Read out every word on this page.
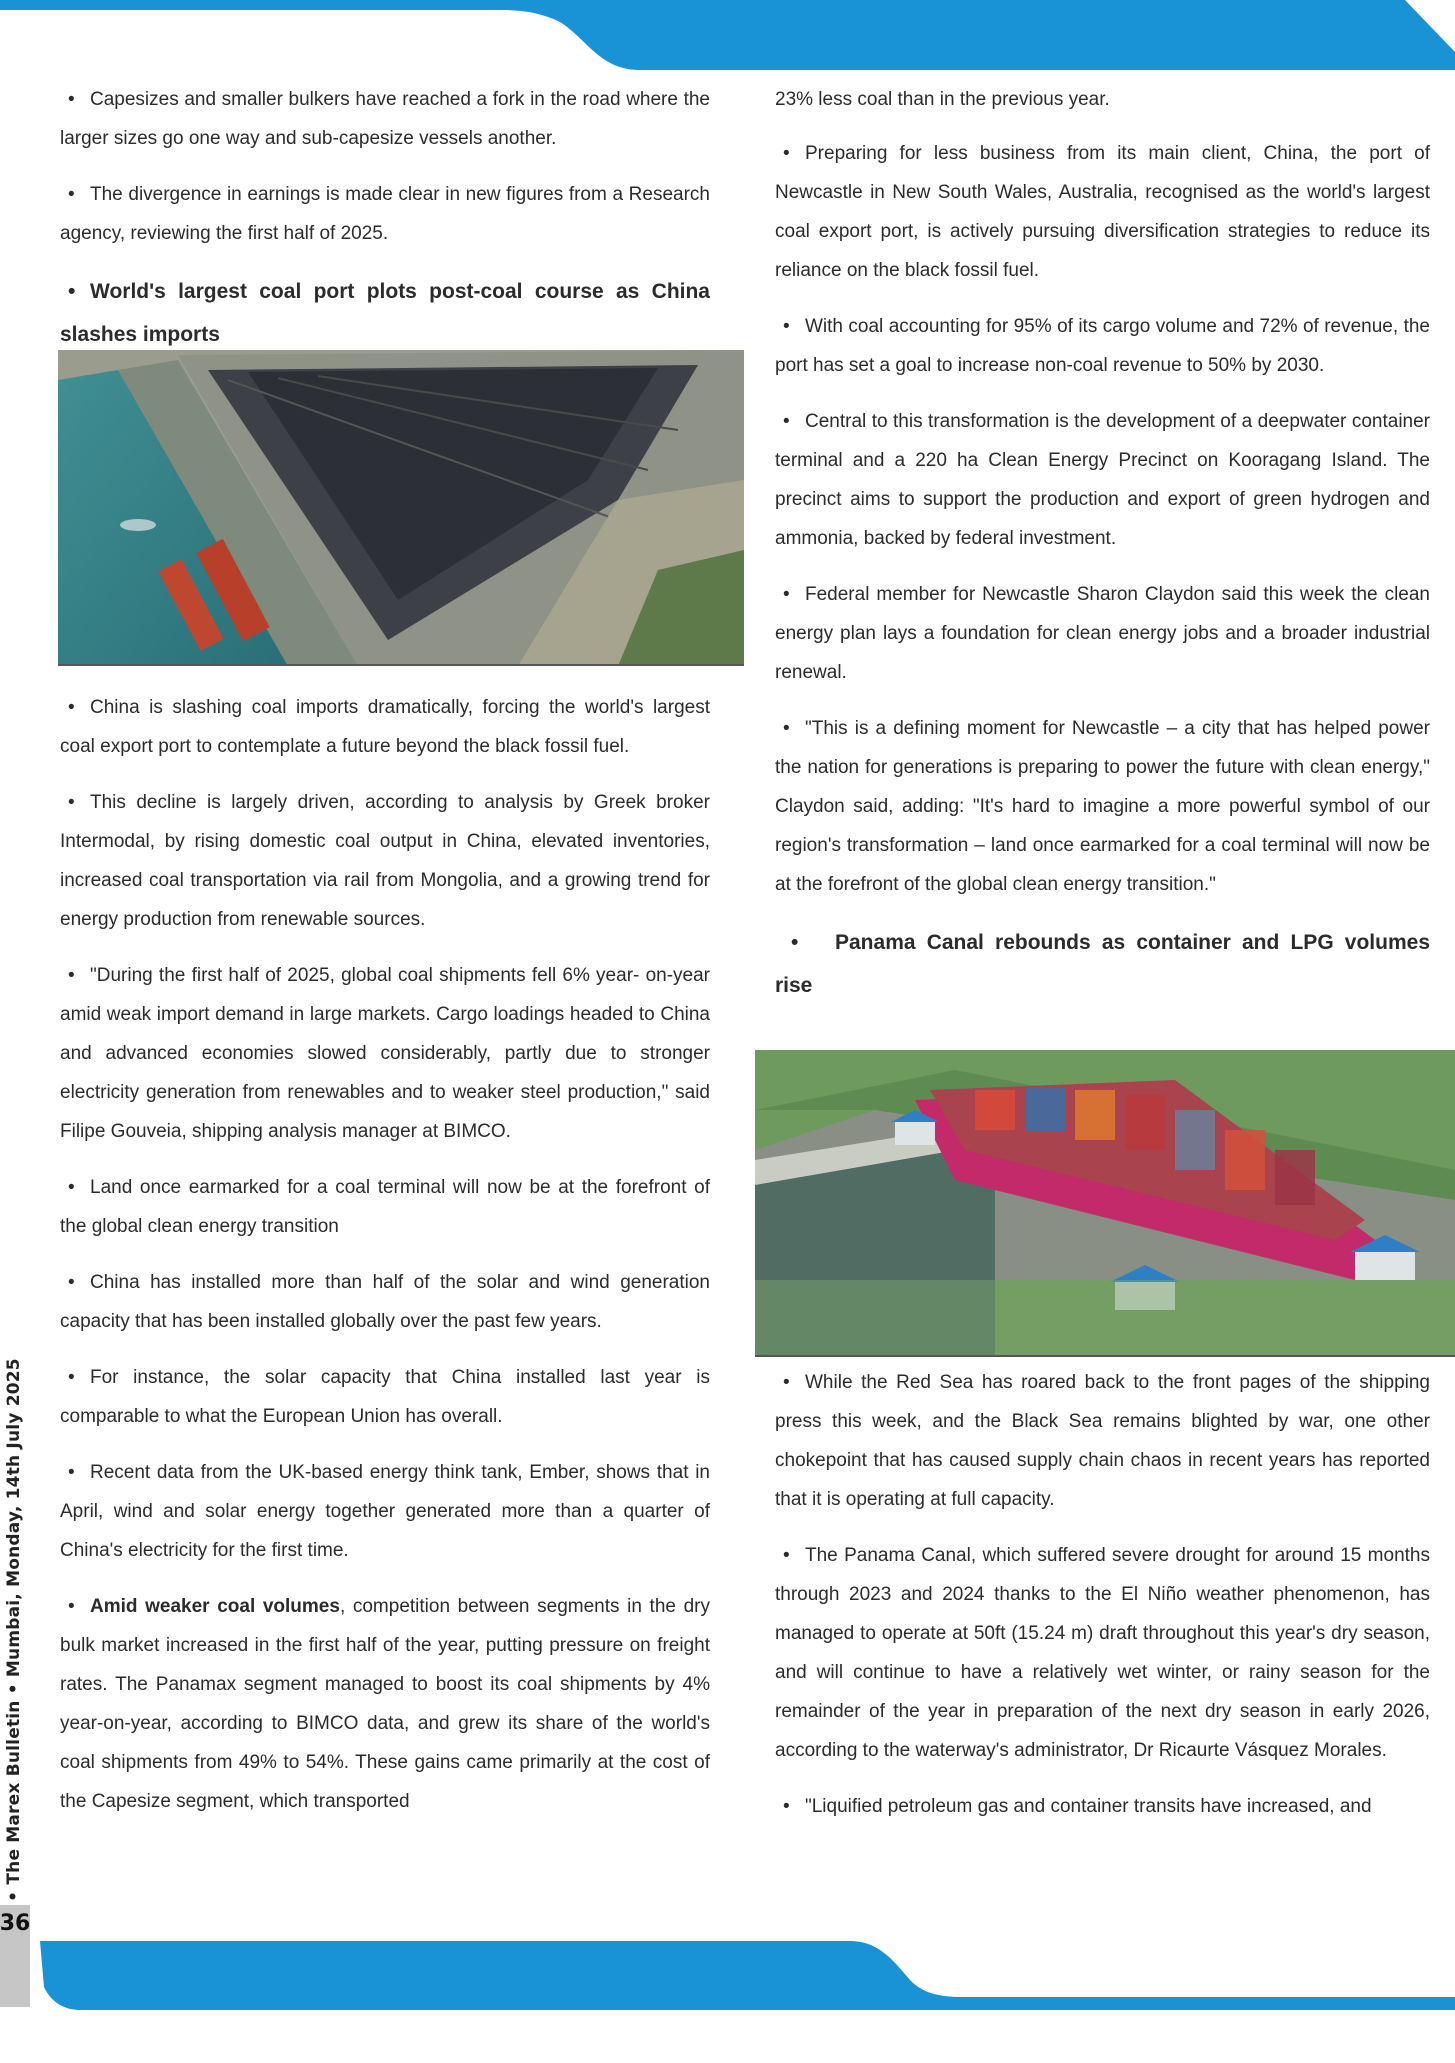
36
• The Marex Bulletin • Mumbai, Monday, 14th July 2025

• Capesizes and smaller bulkers have reached a fork in the road where the larger sizes go one way and sub-capesize vessels another.

• The divergence in earnings is made clear in new figures from a Research agency, reviewing the first half of 2025.

• World's largest coal port plots post-coal course as China slashes imports

• China is slashing coal imports dramatically, forcing the world's largest coal export port to contemplate a future beyond the black fossil fuel.

• This decline is largely driven, according to analysis by Greek broker Intermodal, by rising domestic coal output in China, elevated inventories, increased coal transportation via rail from Mongolia, and a growing trend for energy production from renewable sources.

• "During the first half of 2025, global coal shipments fell 6% year- on-year amid weak import demand in large markets. Cargo loadings headed to China and advanced economies slowed considerably, partly due to stronger electricity generation from renewables and to weaker steel production," said Filipe Gouveia, shipping analysis manager at BIMCO.

• Land once earmarked for a coal terminal will now be at the forefront of the global clean energy transition

• China has installed more than half of the solar and wind generation capacity that has been installed globally over the past few years.

• For instance, the solar capacity that China installed last year is comparable to what the European Union has overall.

• Recent data from the UK-based energy think tank, Ember, shows that in April, wind and solar energy together generated more than a quarter of China's electricity for the first time.

• Amid weaker coal volumes, competition between segments in the dry bulk market increased in the first half of the year, putting pressure on freight rates. The Panamax segment managed to boost its coal shipments by 4% year-on-year, according to BIMCO data, and grew its share of the world's coal shipments from 49% to 54%. These gains came primarily at the cost of the Capesize segment, which transported

23% less coal than in the previous year.

• Preparing for less business from its main client, China, the port of Newcastle in New South Wales, Australia, recognised as the world's largest coal export port, is actively pursuing diversification strategies to reduce its reliance on the black fossil fuel.

• With coal accounting for 95% of its cargo volume and 72% of revenue, the port has set a goal to increase non-coal revenue to 50% by 2030.

• Central to this transformation is the development of a deepwater container terminal and a 220 ha Clean Energy Precinct on Kooragang Island. The precinct aims to support the production and export of green hydrogen and ammonia, backed by federal investment.

• Federal member for Newcastle Sharon Claydon said this week the clean energy plan lays a foundation for clean energy jobs and a broader industrial renewal.

• "This is a defining moment for Newcastle – a city that has helped power the nation for generations is preparing to power the future with clean energy," Claydon said, adding: "It's hard to imagine a more powerful symbol of our region's transformation – land once earmarked for a coal terminal will now be at the forefront of the global clean energy transition."

• Panama Canal rebounds as container and LPG volumes rise

• While the Red Sea has roared back to the front pages of the shipping press this week, and the Black Sea remains blighted by war, one other chokepoint that has caused supply chain chaos in recent years has reported that it is operating at full capacity.

• The Panama Canal, which suffered severe drought for around 15 months through 2023 and 2024 thanks to the El Niño weather phenomenon, has managed to operate at 50ft (15.24 m) draft throughout this year's dry season, and will continue to have a relatively wet winter, or rainy season for the remainder of the year in preparation of the next dry season in early 2026, according to the waterway's administrator, Dr Ricaurte Vásquez Morales.

• "Liquified petroleum gas and container transits have increased, and
